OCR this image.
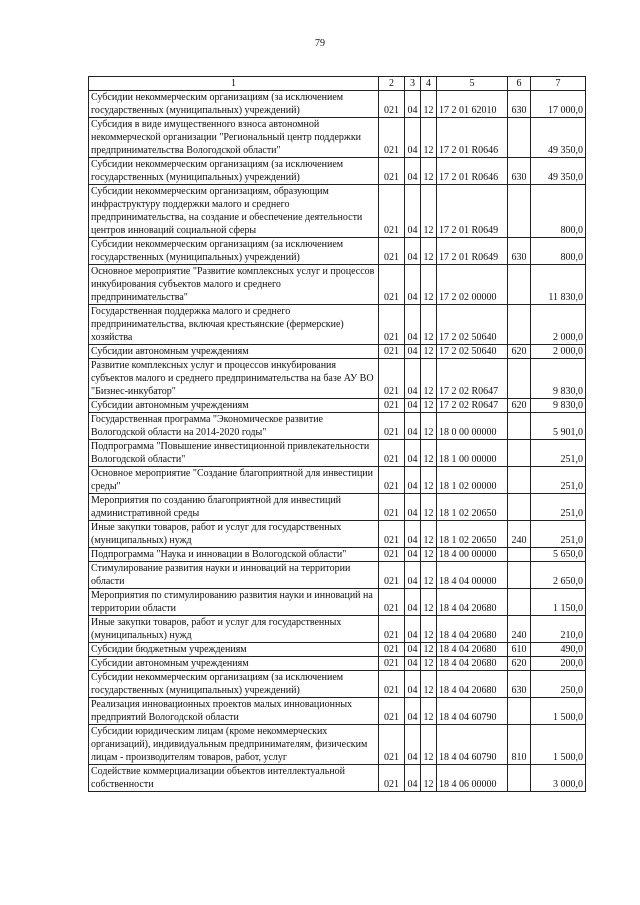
79
1	2	3	4	5	6	7
Субсидии некоммерческим организациям (за исключением государственных (муниципальных) учреждений)	021	04	12	17 2 01 62010	630	17 000,0
Субсидия в виде имущественного взноса автономной некоммерческой организации "Региональный центр поддержки предпринимательства Вологодской области"	021	04	12	17 2 01 R0646		49 350,0
Субсидии некоммерческим организациям (за исключением государственных (муниципальных) учреждений)	021	04	12	17 2 01 R0646	630	49 350,0
Субсидии некоммерческим организациям, образующим инфраструктуру поддержки малого и среднего предпринимательства, на создание и обеспечение деятельности центров инноваций социальной сферы	021	04	12	17 2 01 R0649		800,0
Субсидии некоммерческим организациям (за исключением государственных (муниципальных) учреждений)	021	04	12	17 2 01 R0649	630	800,0
Основное мероприятие "Развитие комплексных услуг и процессов инкубирования субъектов малого и среднего предпринимательства"	021	04	12	17 2 02 00000		11 830,0
Государственная поддержка малого и среднего предпринимательства, включая крестьянские (фермерские) хозяйства	021	04	12	17 2 02 50640		2 000,0
Субсидии автономным учреждениям	021	04	12	17 2 02 50640	620	2 000,0
Развитие комплексных услуг и процессов инкубирования субъектов малого и среднего предпринимательства на базе АУ ВО "Бизнес-инкубатор"	021	04	12	17 2 02 R0647		9 830,0
Субсидии автономным учреждениям	021	04	12	17 2 02 R0647	620	9 830,0
Государственная программа "Экономическое развитие Вологодской области на 2014-2020 годы"	021	04	12	18 0 00 00000		5 901,0
Подпрограмма "Повышение инвестиционной привлекательности Вологодской области"	021	04	12	18 1 00 00000		251,0
Основное мероприятие "Создание благоприятной для инвестиции среды"	021	04	12	18 1 02 00000		251,0
Мероприятия по созданию благоприятной для инвестиций административной среды	021	04	12	18 1 02 20650		251,0
Иные закупки товаров, работ и услуг для государственных (муниципальных) нужд	021	04	12	18 1 02 20650	240	251,0
Подпрограмма "Наука и инновации в Вологодской области"	021	04	12	18 4 00 00000		5 650,0
Стимулирование развития науки и инноваций на территории области	021	04	12	18 4 04 00000		2 650,0
Мероприятия по стимулированию развития науки и инноваций на территории области	021	04	12	18 4 04 20680		1 150,0
Иные закупки товаров, работ и услуг для государственных (муниципальных) нужд	021	04	12	18 4 04 20680	240	210,0
Субсидии бюджетным учреждениям	021	04	12	18 4 04 20680	610	490,0
Субсидии автономным учреждениям	021	04	12	18 4 04 20680	620	200,0
Субсидии некоммерческим организациям (за исключением государственных (муниципальных) учреждений)	021	04	12	18 4 04 20680	630	250,0
Реализация инновационных проектов малых инновационных предприятий Вологодской области	021	04	12	18 4 04 60790		1 500,0
Субсидии юридическим лицам (кроме некоммерческих организаций), индивидуальным предпринимателям, физическим лицам - производителям товаров, работ, услуг	021	04	12	18 4 04 60790	810	1 500,0
Содействие коммерциализации объектов интеллектуальной собственности	021	04	12	18 4 06 00000		3 000,0
